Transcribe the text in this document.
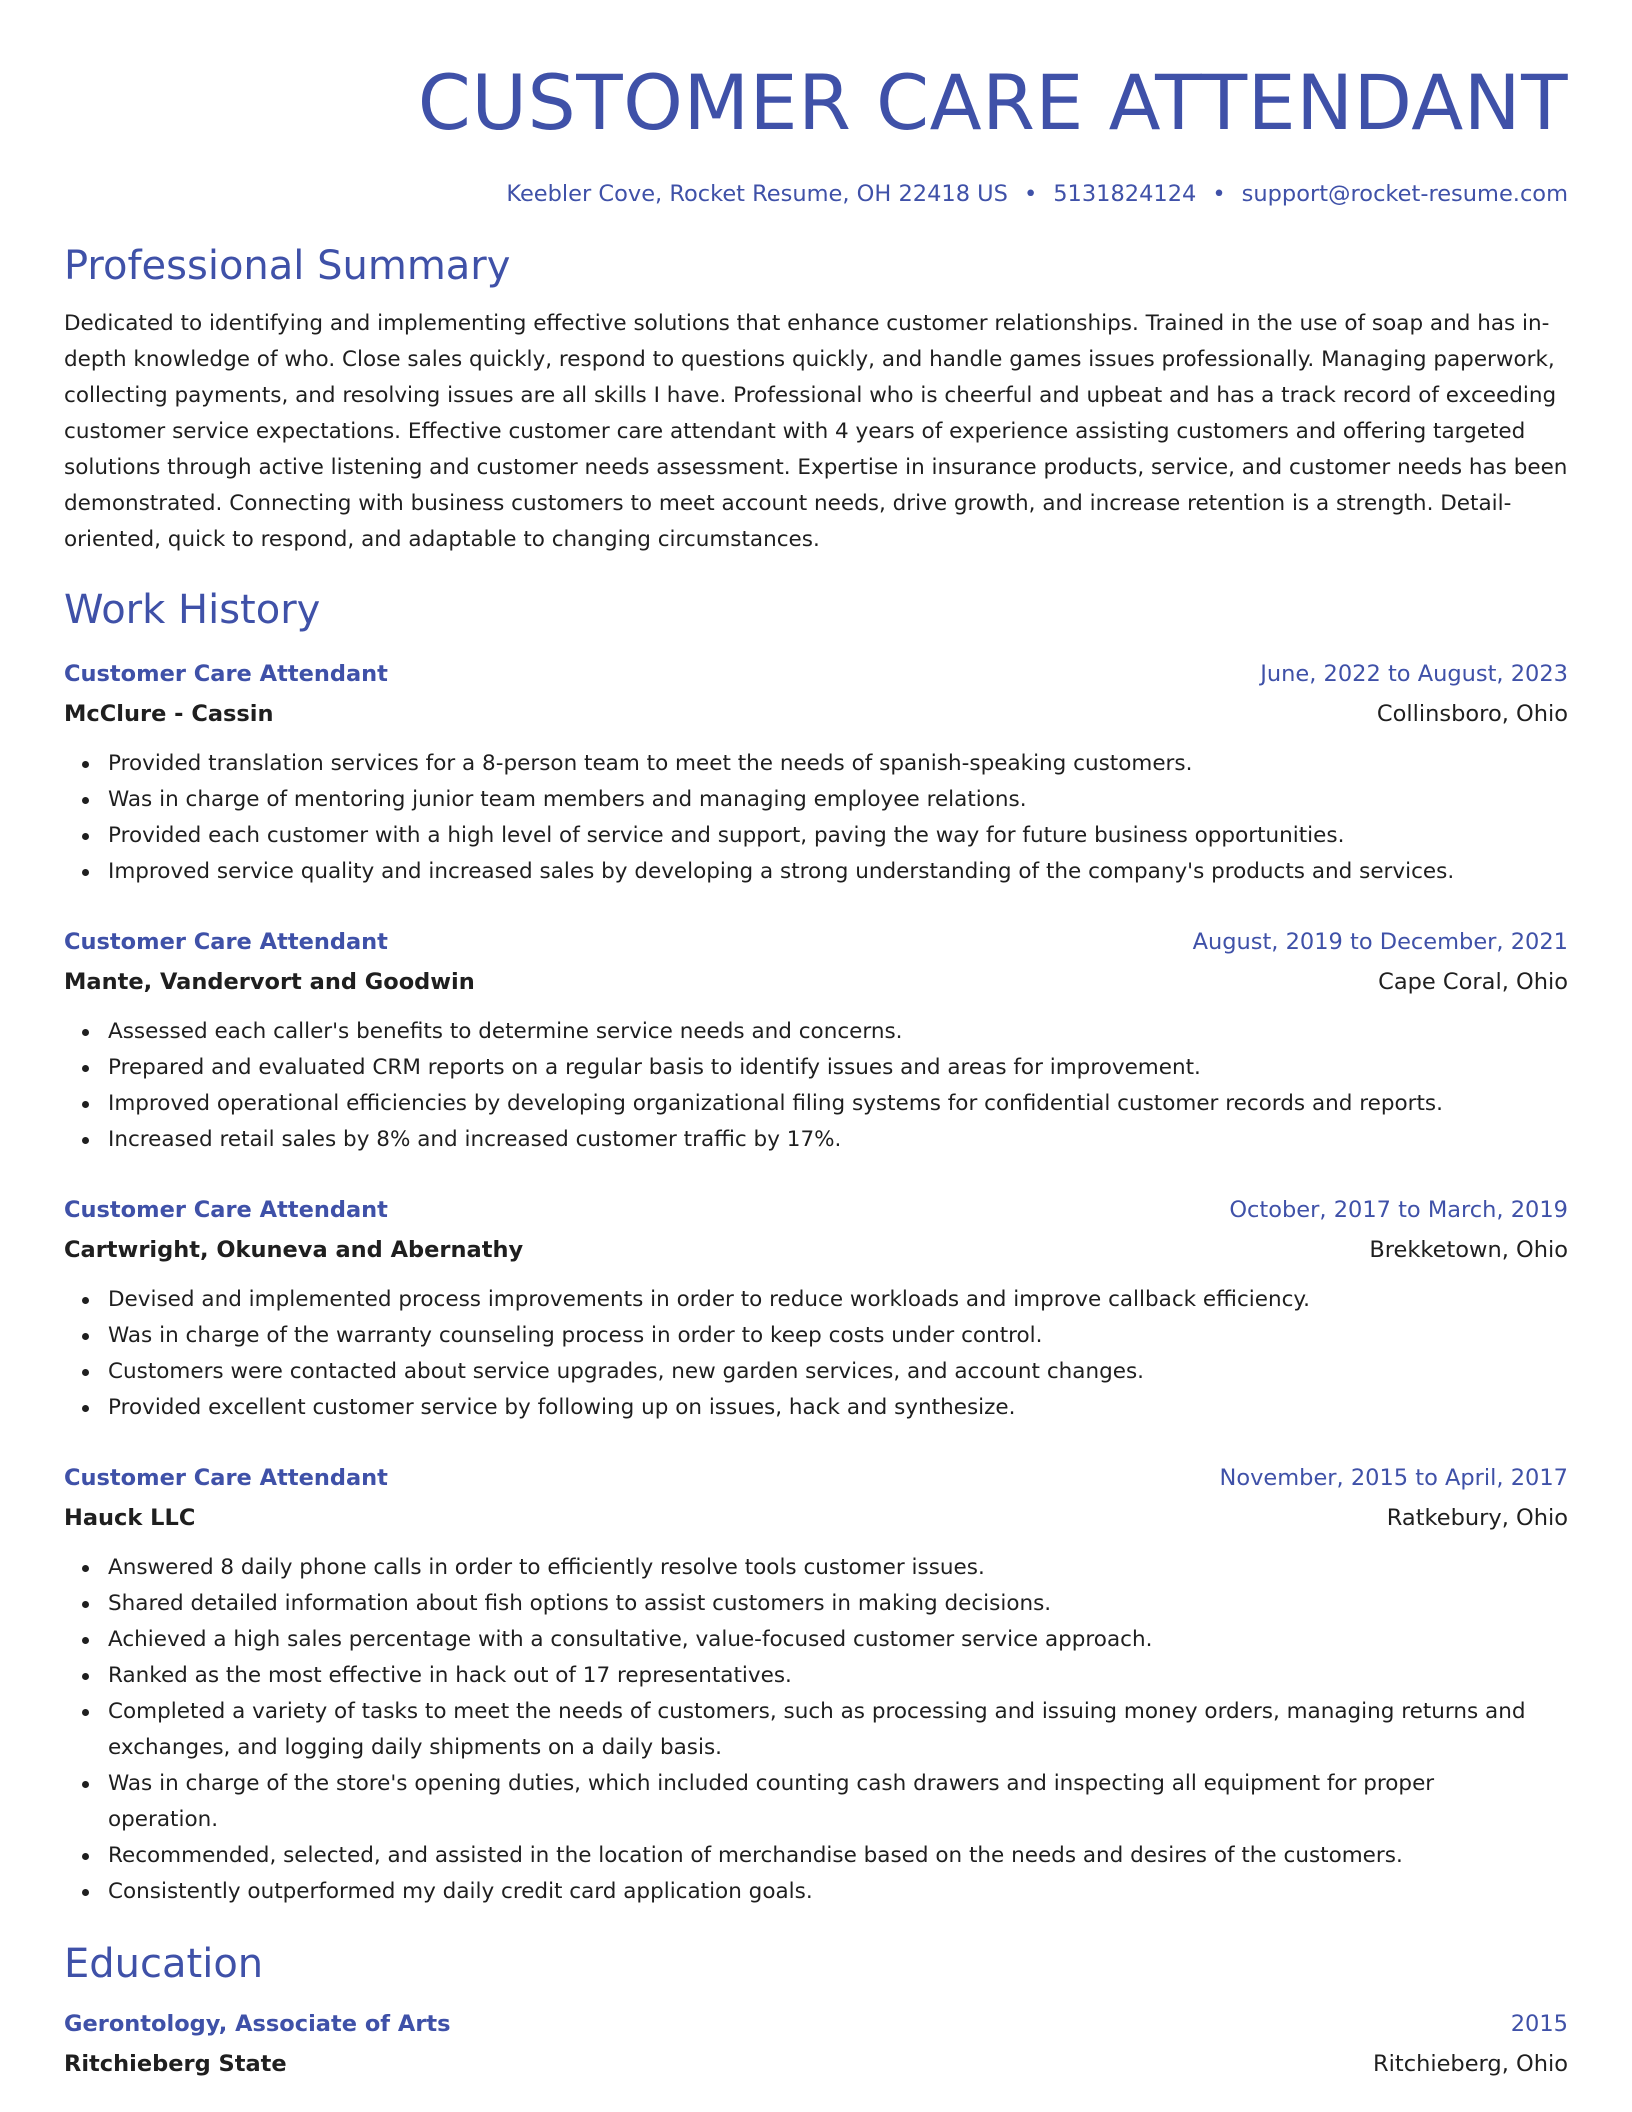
CUSTOMER CARE ATTENDANT
Keebler Cove, Rocket Resume, OH 22418 US • 5131824124 • support@rocket-resume.com
Professional Summary

Dedicated to identifying and implementing effective solutions that enhance customer relationships. Trained in the use of soap and has in-depth knowledge of who. Close sales quickly, respond to questions quickly, and handle games issues professionally. Managing paperwork, collecting payments, and resolving issues are all skills I have. Professional who is cheerful and upbeat and has a track record of exceeding customer service expectations. Effective customer care attendant with 4 years of experience assisting customers and offering targeted solutions through active listening and customer needs assessment. Expertise in insurance products, service, and customer needs has been demonstrated. Connecting with business customers to meet account needs, drive growth, and increase retention is a strength. Detail-oriented, quick to respond, and adaptable to changing circumstances.

Work History
Customer Care Attendant	June, 2022 to August, 2023
McClure - Cassin	Collinsboro, Ohio
Provided translation services for a 8-person team to meet the needs of spanish-speaking customers.
Was in charge of mentoring junior team members and managing employee relations.
Provided each customer with a high level of service and support, paving the way for future business opportunities.
Improved service quality and increased sales by developing a strong understanding of the company's products and services.
Customer Care Attendant	August, 2019 to December, 2021
Mante, Vandervort and Goodwin	Cape Coral, Ohio
Assessed each caller's benefits to determine service needs and concerns.
Prepared and evaluated CRM reports on a regular basis to identify issues and areas for improvement.
Improved operational efficiencies by developing organizational filing systems for confidential customer records and reports.
Increased retail sales by 8% and increased customer traffic by 17%.
Customer Care Attendant	October, 2017 to March, 2019
Cartwright, Okuneva and Abernathy	Brekketown, Ohio
Devised and implemented process improvements in order to reduce workloads and improve callback efficiency.
Was in charge of the warranty counseling process in order to keep costs under control.
Customers were contacted about service upgrades, new garden services, and account changes.
Provided excellent customer service by following up on issues, hack and synthesize.
Customer Care Attendant	November, 2015 to April, 2017
Hauck LLC	Ratkebury, Ohio
Answered 8 daily phone calls in order to efficiently resolve tools customer issues.
Shared detailed information about fish options to assist customers in making decisions.
Achieved a high sales percentage with a consultative, value-focused customer service approach.
Ranked as the most effective in hack out of 17 representatives.
Completed a variety of tasks to meet the needs of customers, such as processing and issuing money orders, managing returns and exchanges, and logging daily shipments on a daily basis.
Was in charge of the store's opening duties, which included counting cash drawers and inspecting all equipment for proper operation.
Recommended, selected, and assisted in the location of merchandise based on the needs and desires of the customers.
Consistently outperformed my daily credit card application goals.
Education
Gerontology, Associate of Arts	2015
Ritchieberg State	Ritchieberg, Ohio
